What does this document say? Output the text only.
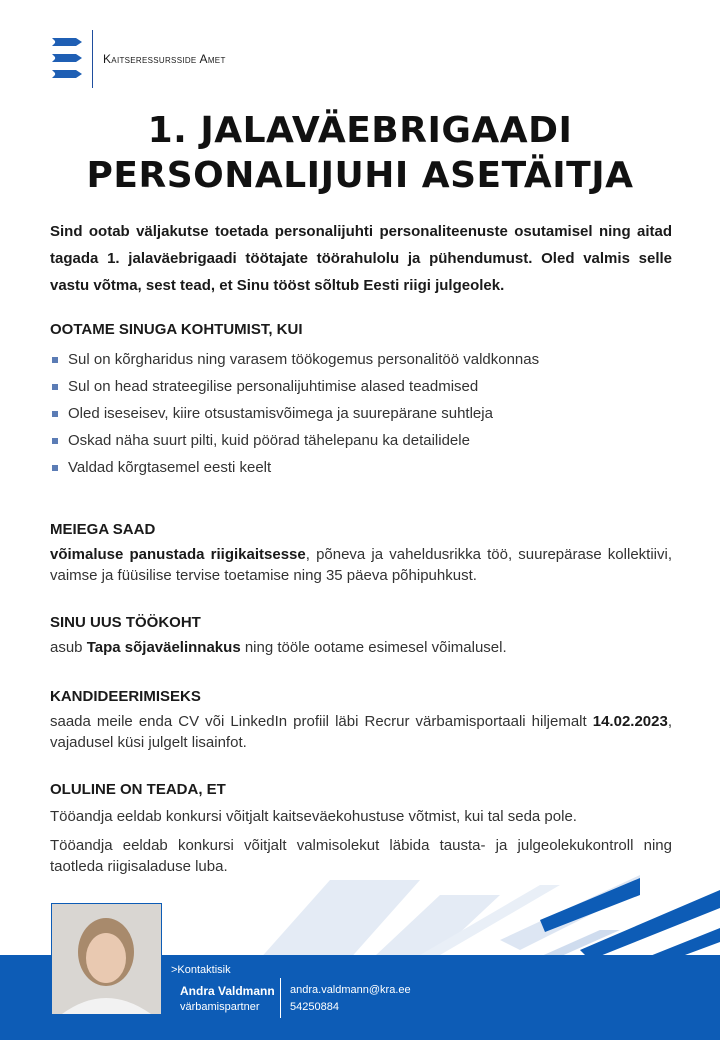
Kaitseressursside Amet
1. JALAVÄEBRIGAADI
PERSONALIJUHI ASETÄITJA

Sind ootab väljakutse toetada personalijuhti personaliteenuste osutamisel ning aitad tagada 1. jalaväebrigaadi töötajate töörahulolu ja pühendumust. Oled valmis selle vastu võtma, sest tead, et Sinu tööst sõltub Eesti riigi julgeolek.

OOTAME SINUGA KOHTUMIST, KUI

Sul on kõrgharidus ning varasem töökogemus personalitöö valdkonnas
Sul on head strateegilise personalijuhtimise alased teadmised
Oled iseseisev, kiire otsustamisvõimega ja suurepärane suhtleja
Oskad näha suurt pilti, kuid pöörad tähelepanu ka detailidele
Valdad kõrgtasemel eesti keelt

MEIEGA SAAD

võimaluse panustada riigikaitsesse, põneva ja vaheldusrikka töö, suurepärase kollektiivi, vaimse ja füüsilise tervise toetamise ning 35 päeva põhipuhkust.

SINU UUS TÖÖKOHT

asub Tapa sõjaväelinnakus ning tööle ootame esimesel võimalusel.

KANDIDEERIMISEKS

saada meile enda CV või LinkedIn profiil läbi Recrur värbamisportaali hiljemalt 14.02.2023, vajadusel küsi julgelt lisainfot.

OLULINE ON TEADA, ET

Tööandja eeldab konkursi võitjalt kaitseväekohustuse võtmist, kui tal seda pole.

Tööandja eeldab konkursi võitjalt valmisolekut läbida tausta- ja julgeolekukontroll ning taotleda riigisaladuse luba.

>Kontaktisik
Andra Valdmann
värbamispartner
andra.valdmann@kra.ee
54250884
